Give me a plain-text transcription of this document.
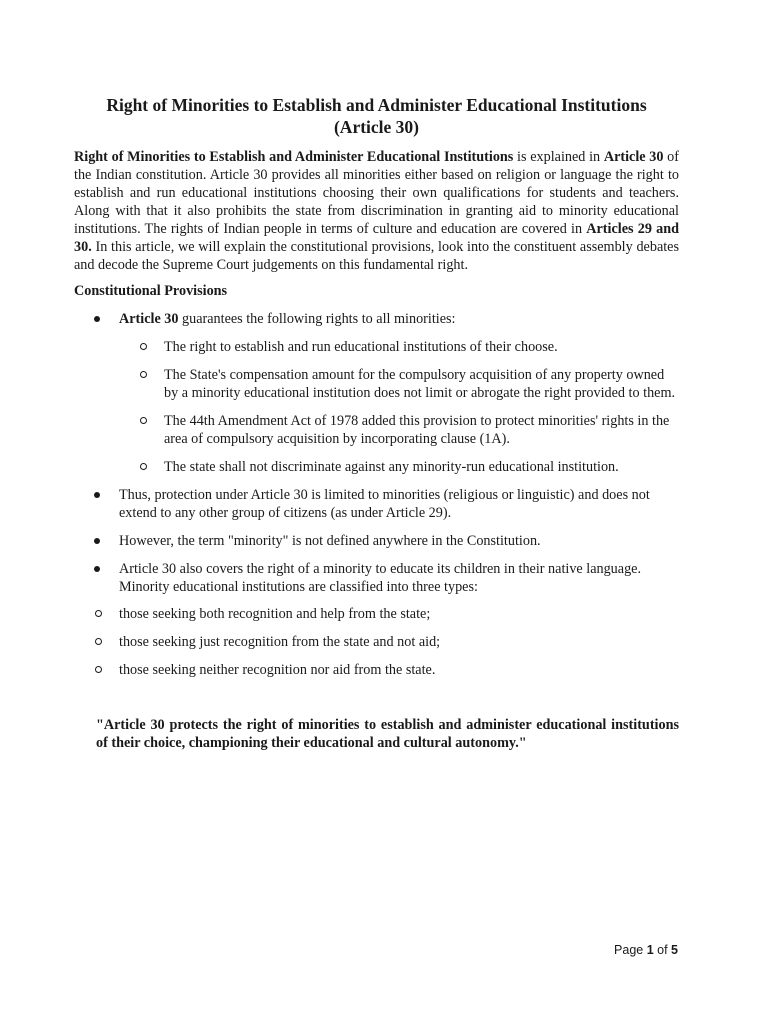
Right of Minorities to Establish and Administer Educational Institutions
(Article 30)
Right of Minorities to Establish and Administer Educational Institutions is explained in Article 30 of the Indian constitution. Article 30 provides all minorities either based on religion or language the right to establish and run educational institutions choosing their own qualifications for students and teachers. Along with that it also prohibits the state from discrimination in granting aid to minority educational institutions. The rights of Indian people in terms of culture and education are covered in Articles 29 and 30. In this article, we will explain the constitutional provisions, look into the constituent assembly debates and decode the Supreme Court judgements on this fundamental right.
Constitutional Provisions
Article 30 guarantees the following rights to all minorities:
The right to establish and run educational institutions of their choose.
The State's compensation amount for the compulsory acquisition of any property owned by a minority educational institution does not limit or abrogate the right provided to them.
The 44th Amendment Act of 1978 added this provision to protect minorities' rights in the area of compulsory acquisition by incorporating clause (1A).
The state shall not discriminate against any minority-run educational institution.
Thus, protection under Article 30 is limited to minorities (religious or linguistic) and does not extend to any other group of citizens (as under Article 29).
However, the term "minority" is not defined anywhere in the Constitution.
Article 30 also covers the right of a minority to educate its children in their native language. Minority educational institutions are classified into three types:
those seeking both recognition and help from the state;
those seeking just recognition from the state and not aid;
those seeking neither recognition nor aid from the state.
"Article 30 protects the right of minorities to establish and administer educational institutions of their choice, championing their educational and cultural autonomy."
Page 1 of 5
